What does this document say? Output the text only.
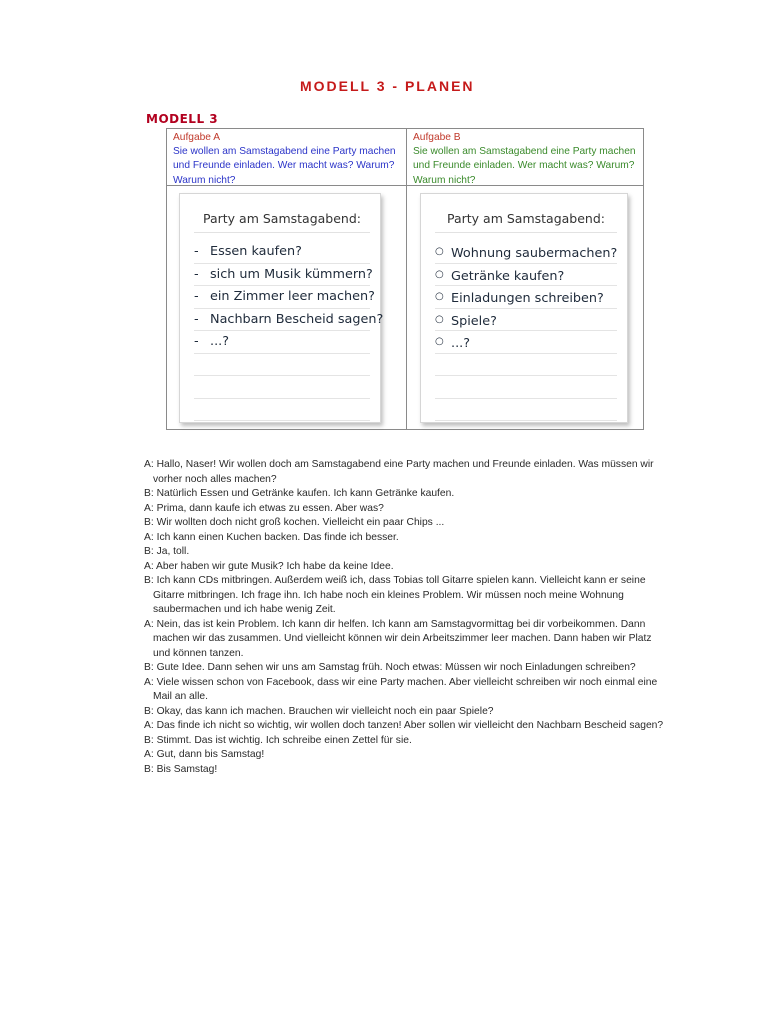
MODELL 3 - PLANEN
MODELL 3
Aufgabe A
Sie wollen am Samstagabend eine Party machen und Freunde einladen. Wer macht was? Warum? Warum nicht?
Aufgabe B
Sie wollen am Samstagabend eine Party machen und Freunde einladen. Wer macht was? Warum? Warum nicht?
Party am Samstagabend:
- Essen kaufen?
- sich um Musik kümmern?
- ein Zimmer leer machen?
- Nachbarn Bescheid sagen?
- ...?
Party am Samstagabend:
○ Wohnung saubermachen?
○ Getränke kaufen?
○ Einladungen schreiben?
○ Spiele?
○ ...?
A: Hallo, Naser! Wir wollen doch am Samstagabend eine Party machen und Freunde einladen. Was müssen wir vorher noch alles machen?
B: Natürlich Essen und Getränke kaufen. Ich kann Getränke kaufen.
A: Prima, dann kaufe ich etwas zu essen. Aber was?
B: Wir wollten doch nicht groß kochen. Vielleicht ein paar Chips ...
A: Ich kann einen Kuchen backen. Das finde ich besser.
B: Ja, toll.
A: Aber haben wir gute Musik? Ich habe da keine Idee.
B: Ich kann CDs mitbringen. Außerdem weiß ich, dass Tobias toll Gitarre spielen kann. Vielleicht kann er seine Gitarre mitbringen. Ich frage ihn. Ich habe noch ein kleines Problem. Wir müssen noch meine Wohnung saubermachen und ich habe wenig Zeit.
A: Nein, das ist kein Problem. Ich kann dir helfen. Ich kann am Samstagvormittag bei dir vorbeikommen. Dann machen wir das zusammen. Und vielleicht können wir dein Arbeitszimmer leer machen. Dann haben wir Platz und können tanzen.
B: Gute Idee. Dann sehen wir uns am Samstag früh. Noch etwas: Müssen wir noch Einladungen schreiben?
A: Viele wissen schon von Facebook, dass wir eine Party machen. Aber vielleicht schreiben wir noch einmal eine Mail an alle.
B: Okay, das kann ich machen. Brauchen wir vielleicht noch ein paar Spiele?
A: Das finde ich nicht so wichtig, wir wollen doch tanzen! Aber sollen wir vielleicht den Nachbarn Bescheid sagen?
B: Stimmt. Das ist wichtig. Ich schreibe einen Zettel für sie.
A: Gut, dann bis Samstag!
B: Bis Samstag!
